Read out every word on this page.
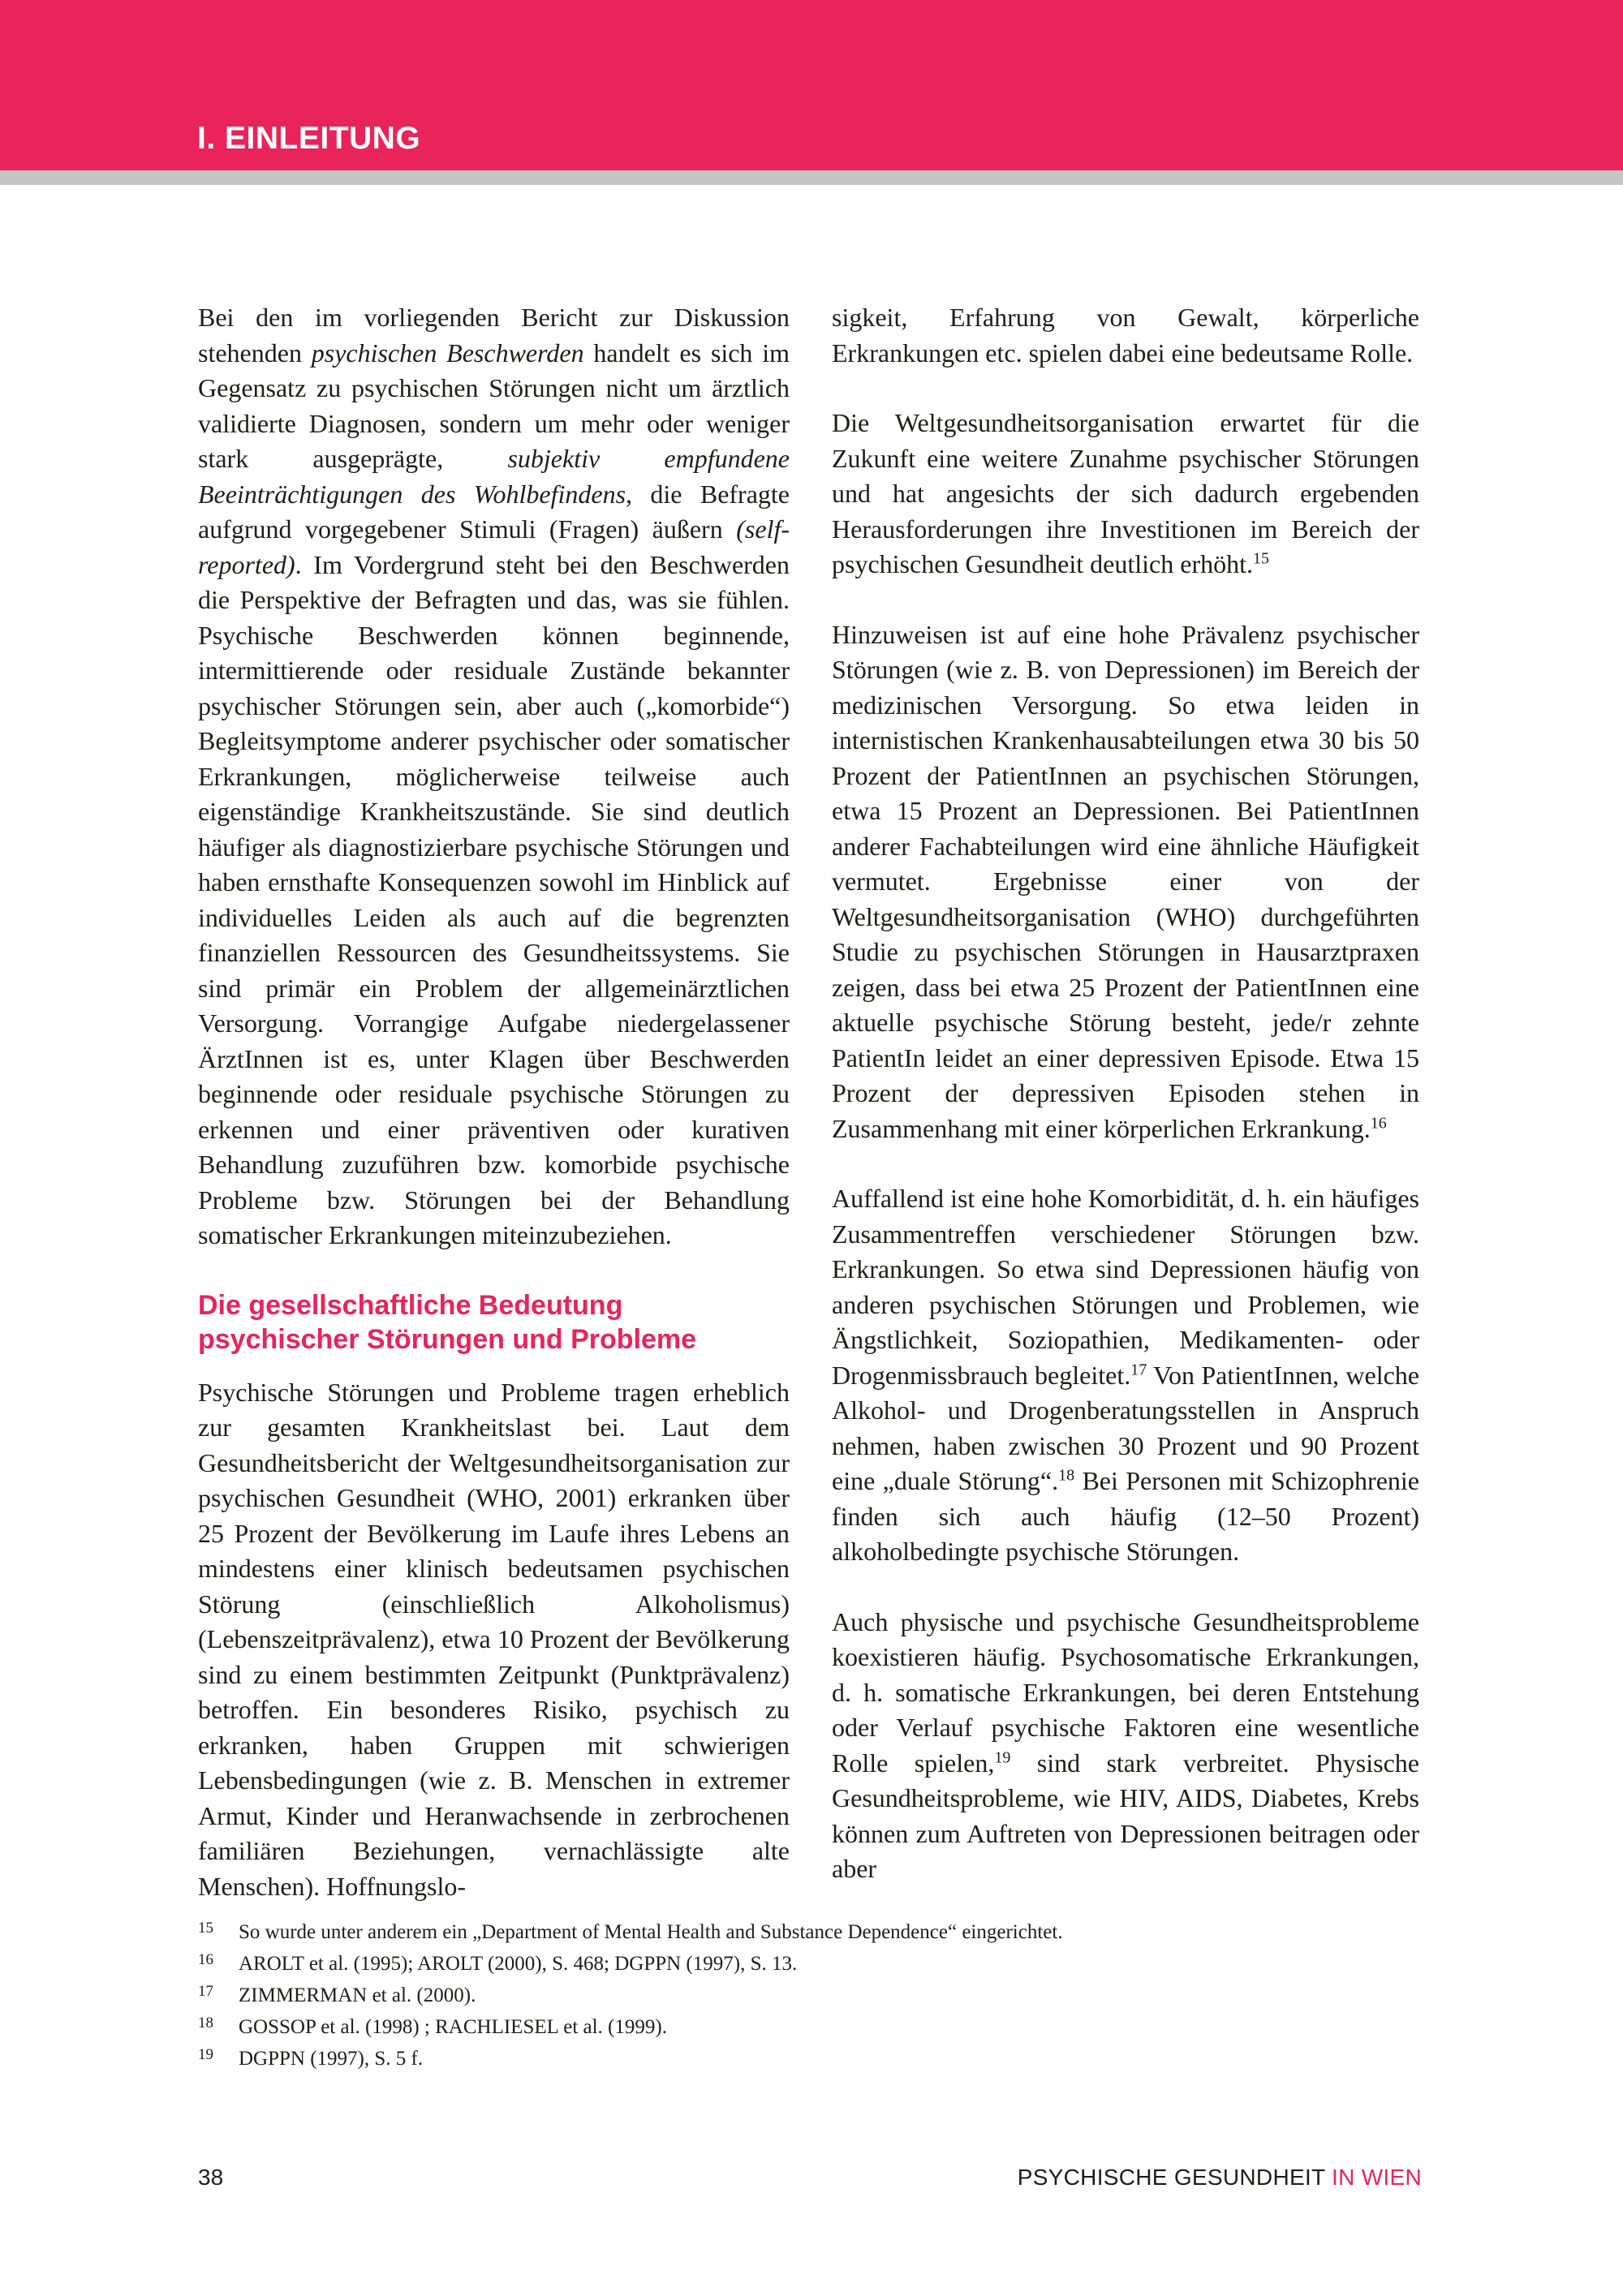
I. EINLEITUNG

Bei den im vorliegenden Bericht zur Diskussion stehenden psychischen Beschwerden handelt es sich im Gegensatz zu psychischen Störungen nicht um ärztlich validierte Diagnosen, sondern um mehr oder weniger stark ausgeprägte, subjektiv empfundene Beeinträchtigungen des Wohlbefindens, die Befragte aufgrund vorgegebener Stimuli (Fragen) äußern (self-reported). Im Vordergrund steht bei den Beschwerden die Perspektive der Befragten und das, was sie fühlen. Psychische Beschwerden können beginnende, intermittierende oder residuale Zustände bekannter psychischer Störungen sein, aber auch („komorbide“) Begleitsymptome anderer psychischer oder somatischer Erkrankungen, möglicherweise teilweise auch eigenständige Krankheitszustände. Sie sind deutlich häufiger als diagnostizierbare psychische Störungen und haben ernsthafte Konsequenzen sowohl im Hinblick auf individuelles Leiden als auch auf die begrenzten finanziellen Ressourcen des Gesundheitssystems. Sie sind primär ein Problem der allgemeinärztlichen Versorgung. Vorrangige Aufgabe niedergelassener ÄrztInnen ist es, unter Klagen über Beschwerden beginnende oder residuale psychische Störungen zu erkennen und einer präventiven oder kurativen Behandlung zuzuführen bzw. komorbide psychische Probleme bzw. Störungen bei der Behandlung somatischer Erkrankungen miteinzubeziehen.

Die gesellschaftliche Bedeutung
psychischer Störungen und Probleme

Psychische Störungen und Probleme tragen erheblich zur gesamten Krankheitslast bei. Laut dem Gesundheitsbericht der Weltgesundheitsorganisation zur psychischen Gesundheit (WHO, 2001) erkranken über 25 Prozent der Bevölkerung im Laufe ihres Lebens an mindestens einer klinisch bedeutsamen psychischen Störung (einschließlich Alkoholismus) (Lebenszeitprävalenz), etwa 10 Prozent der Bevölkerung sind zu einem bestimmten Zeitpunkt (Punktprävalenz) betroffen. Ein besonderes Risiko, psychisch zu erkranken, haben Gruppen mit schwierigen Lebensbedingungen (wie z. B. Menschen in extremer Armut, Kinder und Heranwachsende in zerbrochenen familiären Beziehungen, vernachlässigte alte Menschen). Hoffnungslo-

sigkeit, Erfahrung von Gewalt, körperliche Erkrankungen etc. spielen dabei eine bedeutsame Rolle.

Die Weltgesundheitsorganisation erwartet für die Zukunft eine weitere Zunahme psychischer Störungen und hat angesichts der sich dadurch ergebenden Herausforderungen ihre Investitionen im Bereich der psychischen Gesundheit deutlich erhöht.$^{15}$

Hinzuweisen ist auf eine hohe Prävalenz psychischer Störungen (wie z. B. von Depressionen) im Bereich der medizinischen Versorgung. So etwa leiden in internistischen Krankenhausabteilungen etwa 30 bis 50 Prozent der PatientInnen an psychischen Störungen, etwa 15 Prozent an Depressionen. Bei PatientInnen anderer Fachabteilungen wird eine ähnliche Häufigkeit vermutet. Ergebnisse einer von der Weltgesundheitsorganisation (WHO) durchgeführten Studie zu psychischen Störungen in Hausarztpraxen zeigen, dass bei etwa 25 Prozent der PatientInnen eine aktuelle psychische Störung besteht, jede/r zehnte PatientIn leidet an einer depressiven Episode. Etwa 15 Prozent der depressiven Episoden stehen in Zusammenhang mit einer körperlichen Erkrankung.$^{16}$

Auffallend ist eine hohe Komorbidität, d. h. ein häufiges Zusammentreffen verschiedener Störungen bzw. Erkrankungen. So etwa sind Depressionen häufig von anderen psychischen Störungen und Problemen, wie Ängstlichkeit, Soziopathien, Medikamenten- oder Drogenmissbrauch begleitet.$^{17}$ Von PatientInnen, welche Alkohol- und Drogenberatungsstellen in Anspruch nehmen, haben zwischen 30 Prozent und 90 Prozent eine „duale Störung“.$^{18}$ Bei Personen mit Schizophrenie finden sich auch häufig (12–50 Prozent) alkoholbedingte psychische Störungen.

Auch physische und psychische Gesundheitsprobleme koexistieren häufig. Psychosomatische Erkrankungen, d. h. somatische Erkrankungen, bei deren Entstehung oder Verlauf psychische Faktoren eine wesentliche Rolle spielen,$^{19}$ sind stark verbreitet. Physische Gesundheitsprobleme, wie HIV, AIDS, Diabetes, Krebs können zum Auftreten von Depressionen beitragen oder aber

15	So wurde unter anderem ein „Department of Mental Health and Substance Dependence“ eingerichtet.
16	AROLT et al. (1995); AROLT (2000), S. 468; DGPPN (1997), S. 13.
17	ZIMMERMAN et al. (2000).
18	GOSSOP et al. (1998) ; RACHLIESEL et al. (1999).
19	DGPPN (1997), S. 5 f.
38	PSYCHISCHE GESUNDHEIT IN WIEN
